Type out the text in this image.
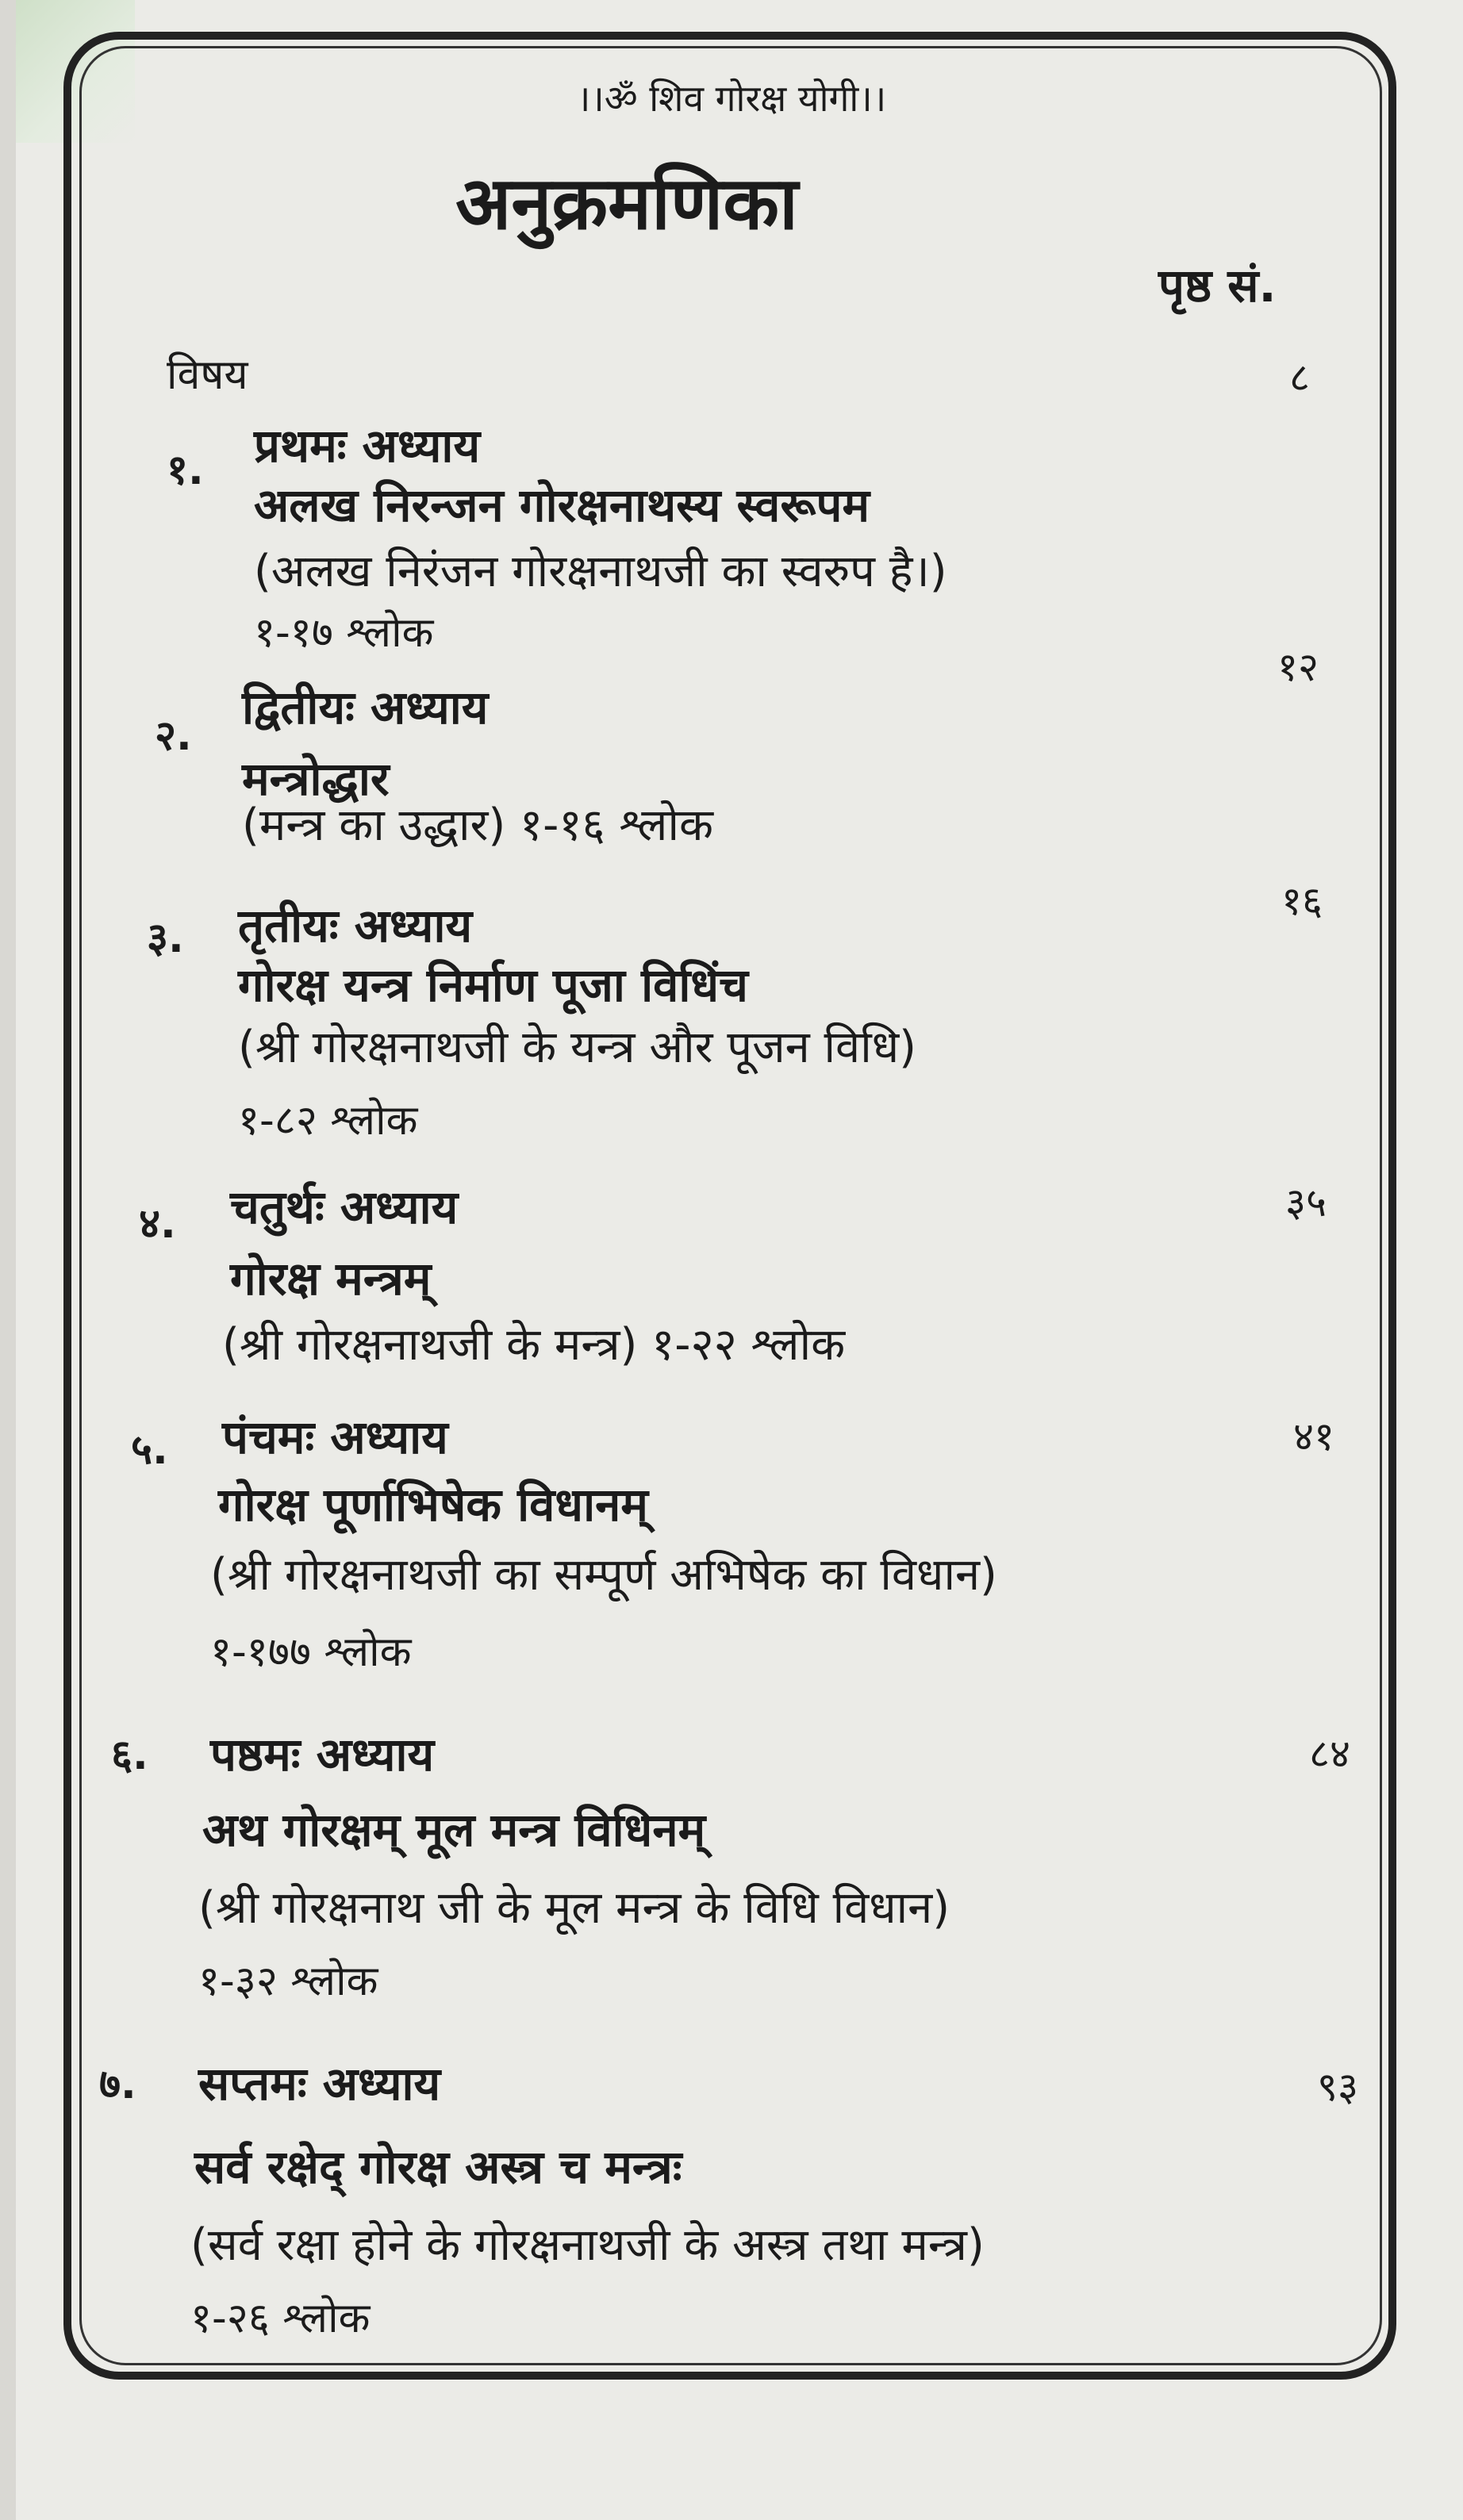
।।ॐ शिव गोरक्ष योगी।।
अनुक्रमणिका
पृष्ठ सं.
विषय	८
१. प्रथमः अध्याय
अलख निरन्जन गोरक्षनाथस्य स्वरूपम
(अलख निरंजन गोरक्षनाथजी का स्वरुप है।)
१-१७ श्लोक
१२
२.
द्वितीयः अध्याय
मन्त्रोद्धार
(मन्त्र का उद्धार) १-१६ श्लोक
१६
३. तृतीयः अध्याय
गोरक्ष यन्त्र निर्माण पूजा विधिंच
(श्री गोरक्षनाथजी के यन्त्र और पूजन विधि)
१-८२ श्लोक
३५
४. चतुर्थः अध्याय
गोरक्ष मन्त्रम्
(श्री गोरक्षनाथजी के मन्त्र) १-२२ श्लोक
४१
५. पंचमः अध्याय
गोरक्ष पूर्णाभिषेक विधानम्
(श्री गोरक्षनाथजी का सम्पूर्ण अभिषेक का विधान)
१-१७७ श्लोक
८४
६. पष्ठमः अध्याय
अथ गोरक्षम् मूल मन्त्र विधिनम्
(श्री गोरक्षनाथ जी के मूल मन्त्र के विधि विधान)
१-३२ श्लोक
९३
७. सप्तमः अध्याय
सर्व रक्षेद् गोरक्ष अस्त्र च मन्त्रः
(सर्व रक्षा होने के गोरक्षनाथजी के अस्त्र तथा मन्त्र)
१-२६ श्लोक
